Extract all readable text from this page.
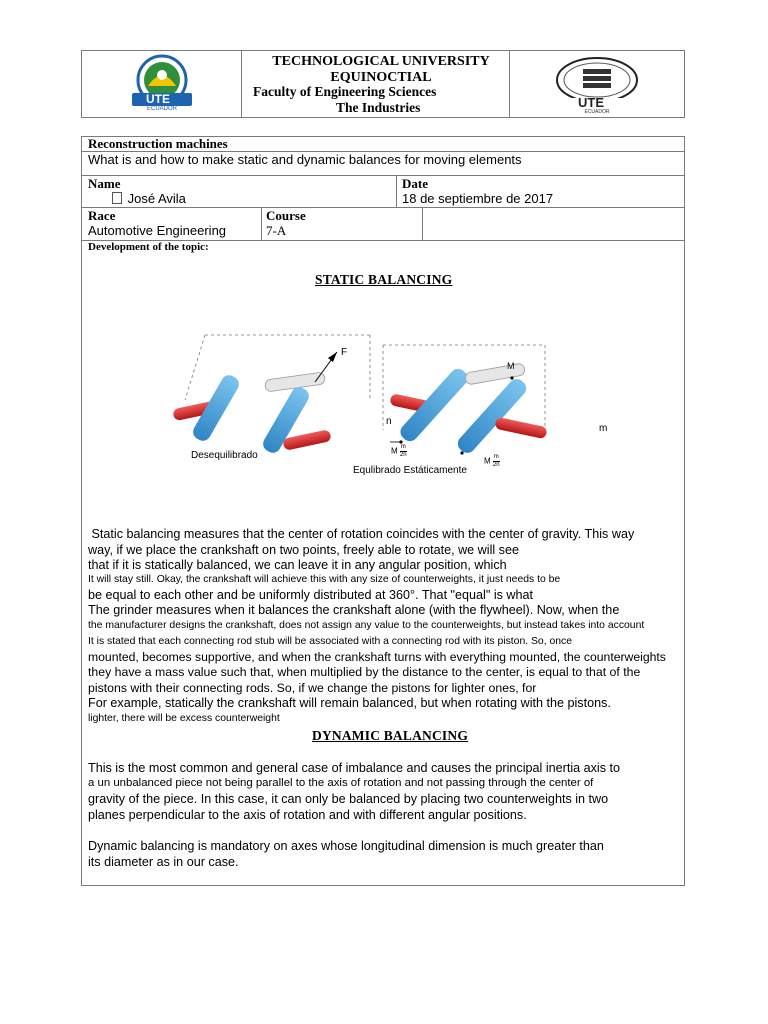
ECUADOR
UTE
TECHNOLOGICAL UNIVERSITY
EQUINOCTIAL
Faculty of Engineering Sciences
The Industries	ECUADOR
UTE
Reconstruction machines
What is and how to make static and dynamic balances for moving elements
Name
José Avila
Date
18 de septiembre de 2017
Race
Automotive Engineering
Course
7-A
Development of the topic:
STATIC BALANCING
Desequilibrado
Equlibrado Estáticamente
F
M
n
m
M $\frac{m}{2n}$
M $\frac{m}{2n}$
Static balancing measures that the center of rotation coincides with the center of gravity. This way
way, if we place the crankshaft on two points, freely able to rotate, we will see
that if it is statically balanced, we can leave it in any angular position, which
It will stay still. Okay, the crankshaft will achieve this with any size of counterweights, it just needs to be
be equal to each other and be uniformly distributed at 360°. That "equal" is what
The grinder measures when it balances the crankshaft alone (with the flywheel). Now, when the
the manufacturer designs the crankshaft, does not assign any value to the counterweights, but instead takes into account
It is stated that each connecting rod stub will be associated with a connecting rod with its piston. So, once
mounted, becomes supportive, and when the crankshaft turns with everything mounted, the counterweights
they have a mass value such that, when multiplied by the distance to the center, is equal to that of the
pistons with their connecting rods. So, if we change the pistons for lighter ones, for
For example, statically the crankshaft will remain balanced, but when rotating with the pistons.
lighter, there will be excess counterweight
DYNAMIC BALANCING
This is the most common and general case of imbalance and causes the principal inertia axis to
a un unbalanced piece not being parallel to the axis of rotation and not passing through the center of
gravity of the piece. In this case, it can only be balanced by placing two counterweights in two
planes perpendicular to the axis of rotation and with different angular positions.
Dynamic balancing is mandatory on axes whose longitudinal dimension is much greater than
its diameter as in our case.
